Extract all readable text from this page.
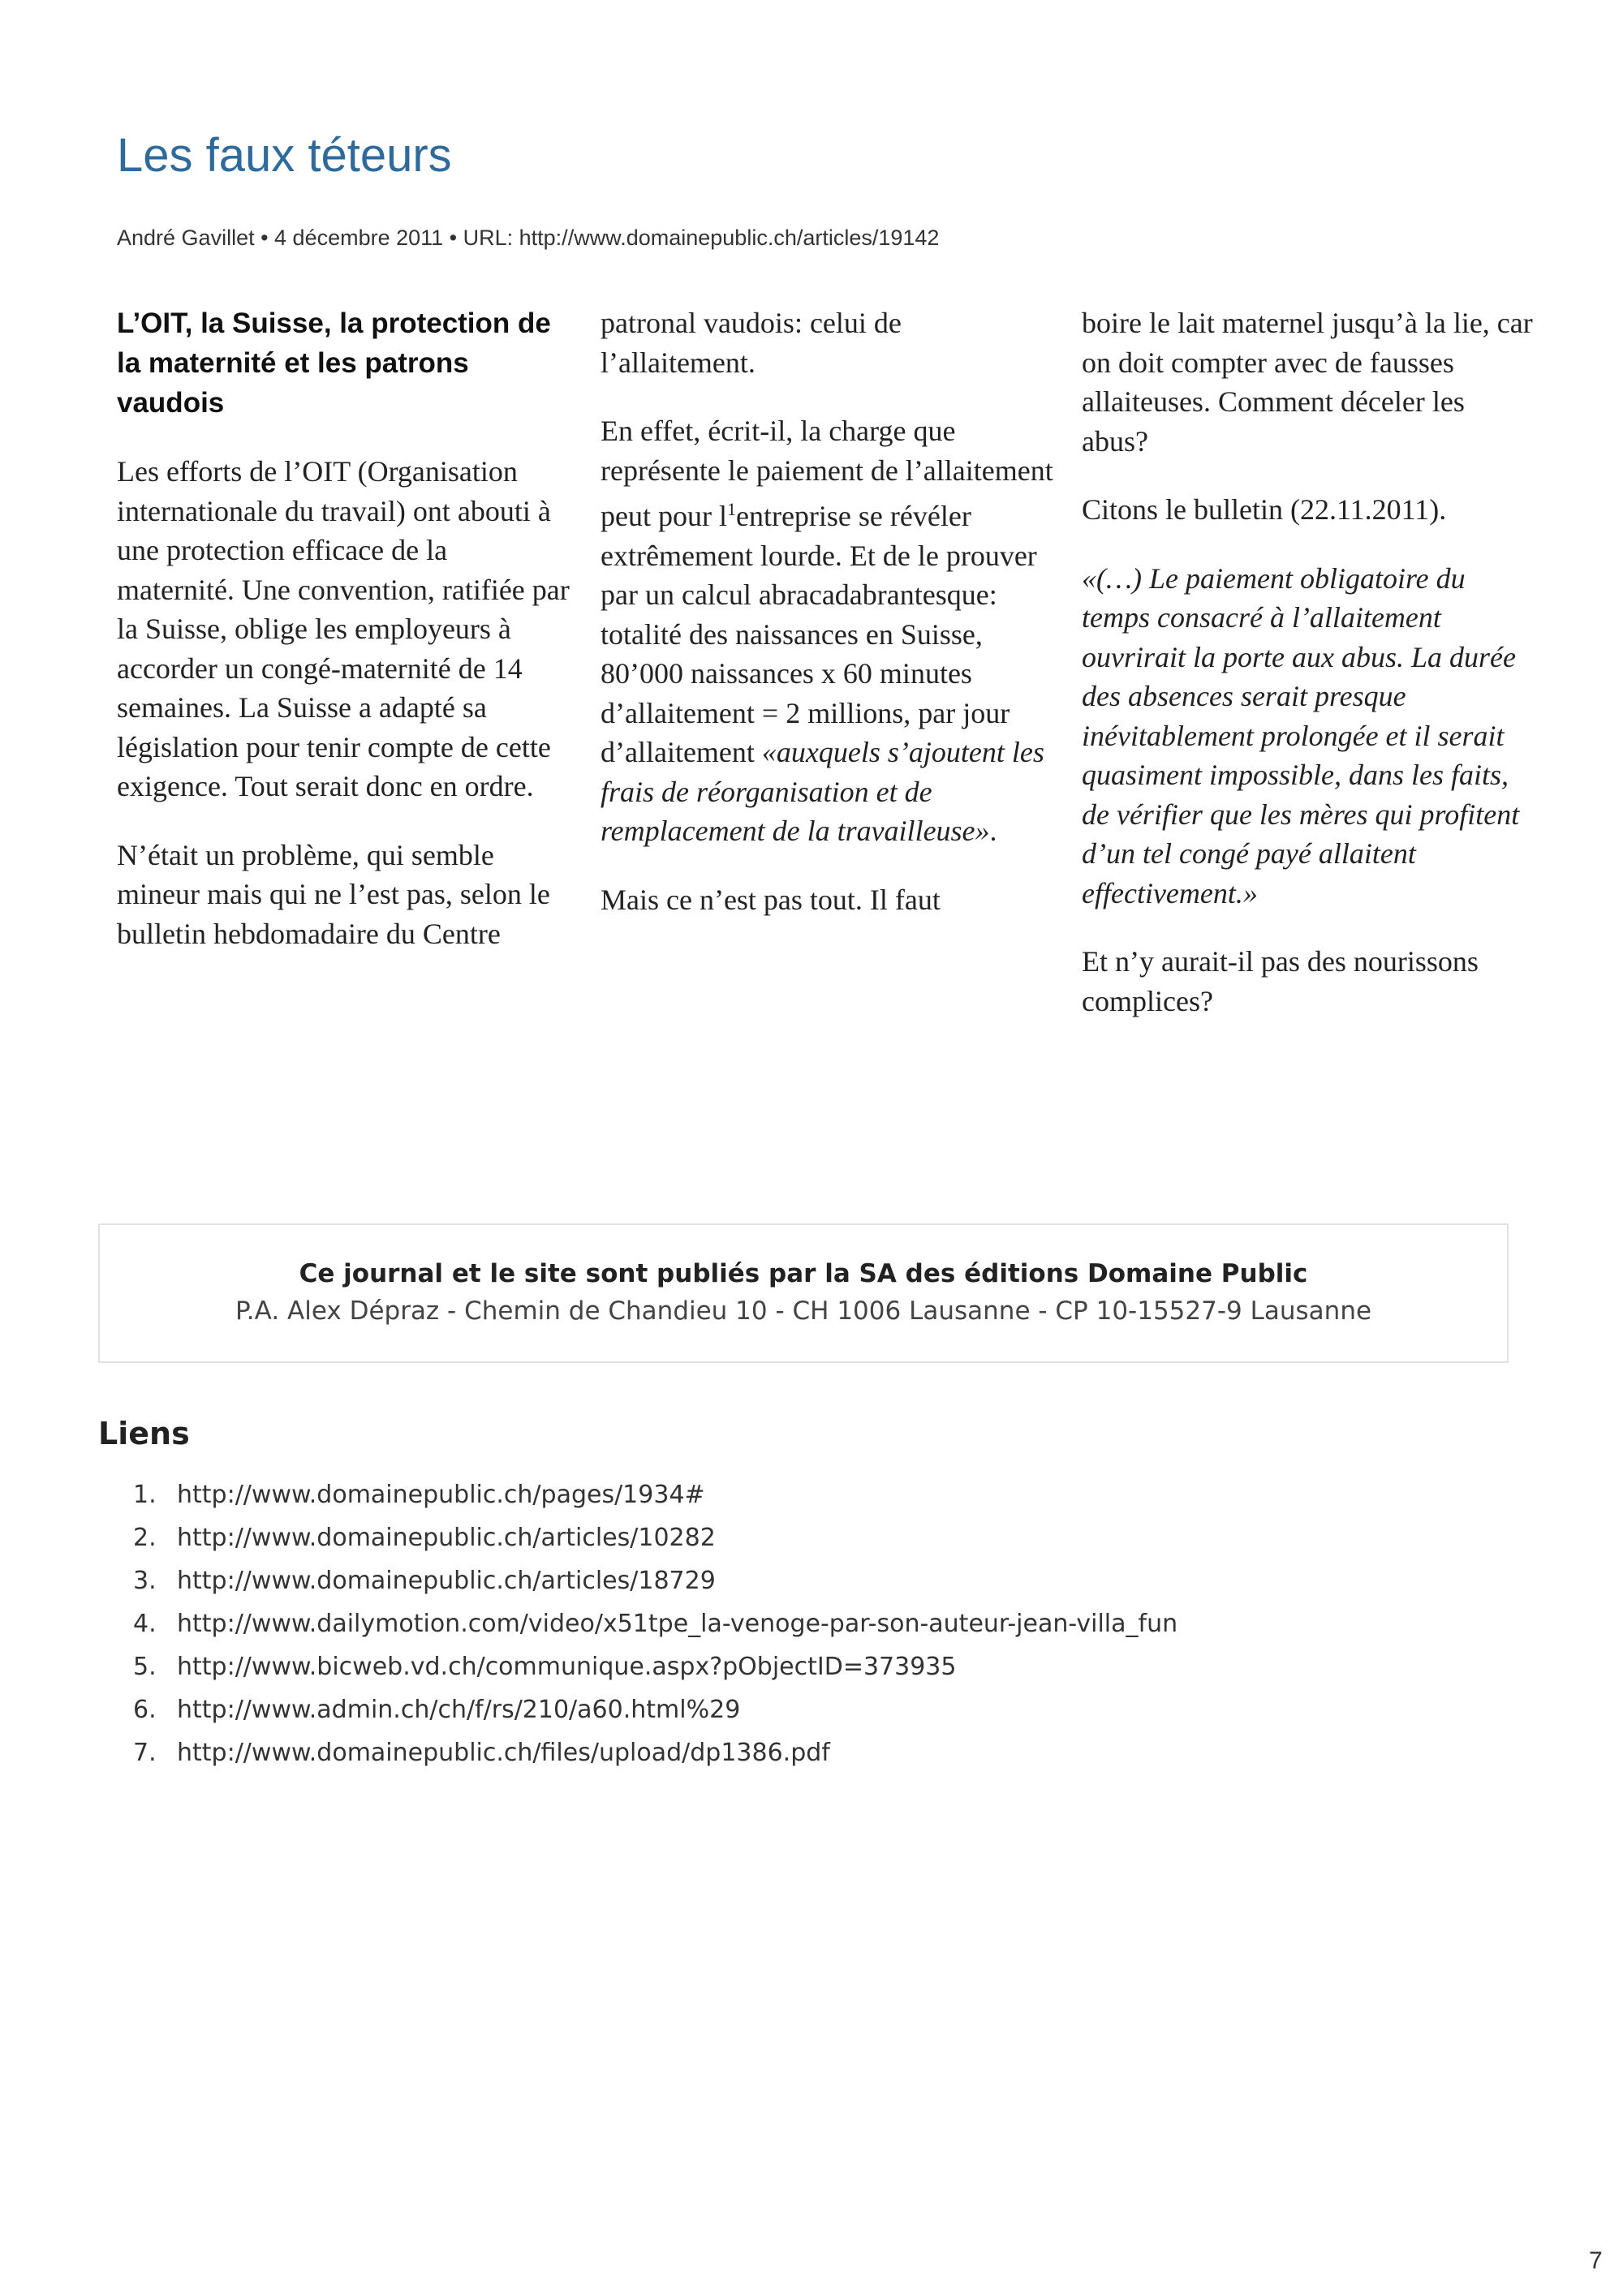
Les faux téteurs
André Gavillet • 4 décembre 2011 • URL: http://www.domainepublic.ch/articles/19142
L’OIT, la Suisse, la protection de la maternité et les patrons vaudois

Les efforts de l’OIT (Organisation internationale du travail) ont abouti à une protection efficace de la maternité. Une convention, ratifiée par la Suisse, oblige les employeurs à accorder un congé-maternité de 14 semaines. La Suisse a adapté sa législation pour tenir compte de cette exigence. Tout serait donc en ordre.

N’était un problème, qui semble mineur mais qui ne l’est pas, selon le bulletin hebdomadaire du Centre

patronal vaudois: celui de l’allaitement.

En effet, écrit-il, la charge que représente le paiement de l’allaitement peut pour $l^1entreprise$ se révéler extrêmement lourde. Et de le prouver par un calcul abracadabrantesque: totalité des naissances en Suisse, 80’000 naissances x 60 minutes d’allaitement = 2 millions, par jour d’allaitement «auxquels s’ajoutent les frais de réorganisation et de remplacement de la travailleuse».

Mais ce n’est pas tout. Il faut

boire le lait maternel jusqu’à la lie, car on doit compter avec de fausses allaiteuses. Comment déceler les abus?

Citons le bulletin (22.11.2011).

«(…) Le paiement obligatoire du temps consacré à l’allaitement ouvrirait la porte aux abus. La durée des absences serait presque inévitablement prolongée et il serait quasiment impossible, dans les faits, de vérifier que les mères qui profitent d’un tel congé payé allaitent effectivement.»

Et n’y aurait-il pas des nourissons complices?

Ce journal et le site sont publiés par la SA des éditions Domaine Public
P.A. Alex Dépraz - Chemin de Chandieu 10 - CH 1006 Lausanne - CP 10-15527-9 Lausanne
Liens
1. http://www.domainepublic.ch/pages/1934#
2. http://www.domainepublic.ch/articles/10282
3. http://www.domainepublic.ch/articles/18729
4. http://www.dailymotion.com/video/x51tpe_la-venoge-par-son-auteur-jean-villa_fun
5. http://www.bicweb.vd.ch/communique.aspx?pObjectID=373935
6. http://www.admin.ch/ch/f/rs/210/a60.html%29
7. http://www.domainepublic.ch/files/upload/dp1386.pdf
7
